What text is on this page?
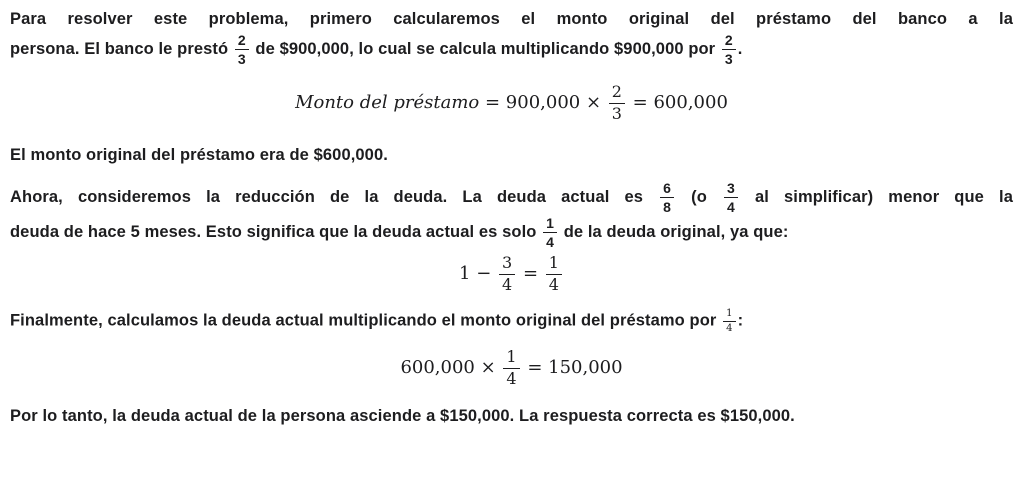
Para resolver este problema, primero calcularemos el monto original del préstamo del banco a la
persona. El banco le prestó $\frac{2}{3}$ de $900,000, lo cual se calcula multiplicando $900,000 por $\frac{2}{3}$ .
Monto del préstamo = $900,000 \times \frac{2}{3} = 600,000$
El monto original del préstamo era de $600,000.
Ahora, consideremos la reducción de la deuda. La deuda actual es $\frac{6}{8} (o \frac{3}{4}$ al simplificar) menor que la
deuda de hace 5 meses. Esto significa que la deuda actual es solo $\frac{1}{4}$ de la deuda original, ya que:
$1 - \frac{3}{4} = \frac{1}{4}$
Finalmente, calculamos la deuda actual multiplicando el monto original del préstamo por $\frac{1}{4}$ :
$600,000 \times \frac{1}{4} = 150,000$
Por lo tanto, la deuda actual de la persona asciende a $150,000. La respuesta correcta es $150,000.
